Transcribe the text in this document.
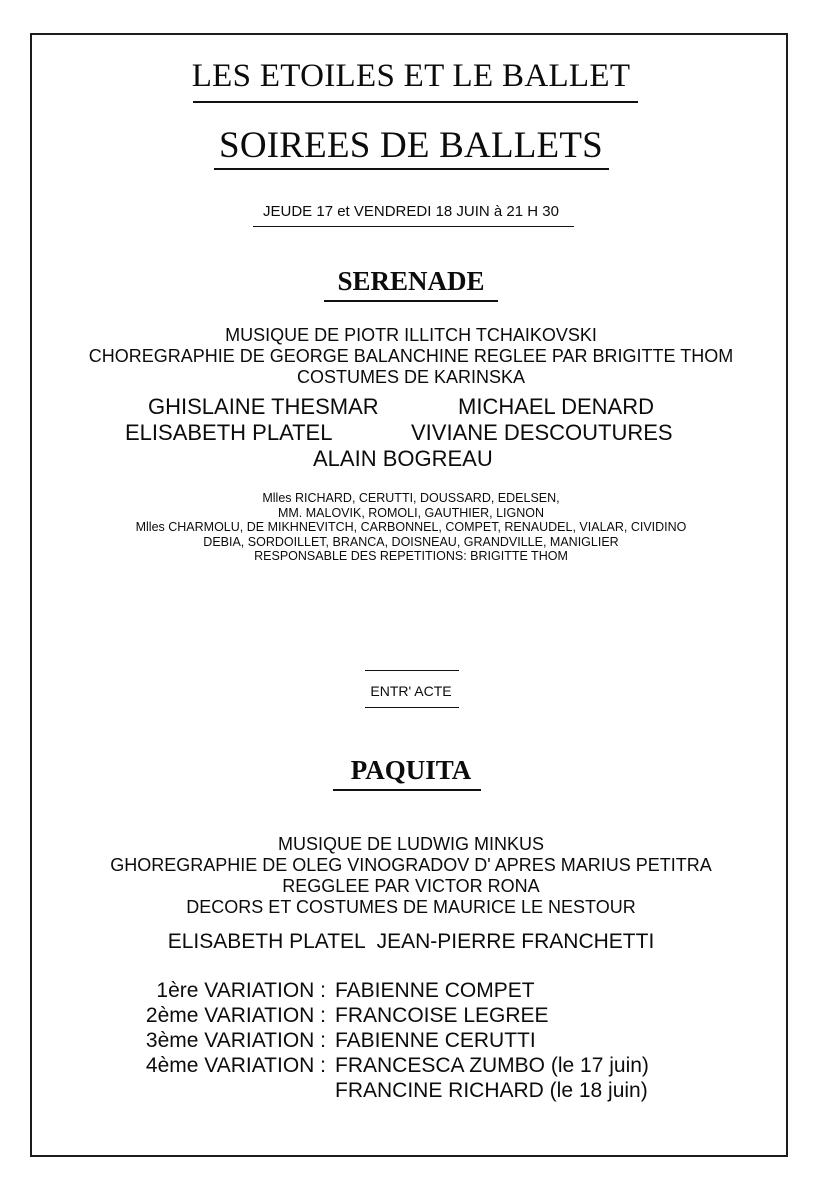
LES ETOILES ET LE BALLET
SOIREES DE BALLETS
JEUDE 17 et VENDREDI 18 JUIN à 21 H 30
SERENADE
MUSIQUE DE PIOTR ILLITCH TCHAIKOVSKI
CHOREGRAPHIE DE GEORGE BALANCHINE REGLEE PAR BRIGITTE THOM
COSTUMES DE KARINSKA
GHISLAINE THESMAR	MICHAEL DENARD
ELISABETH PLATEL	VIVIANE DESCOUTURES
ALAIN BOGREAU
Mlles RICHARD, CERUTTI, DOUSSARD, EDELSEN,
MM. MALOVIK, ROMOLI, GAUTHIER, LIGNON
Mlles CHARMOLU, DE MIKHNEVITCH, CARBONNEL, COMPET, RENAUDEL, VIALAR, CIVIDINO
DEBIA, SORDOILLET, BRANCA, DOISNEAU, GRANDVILLE, MANIGLIER
RESPONSABLE DES REPETITIONS: BRIGITTE THOM
ENTR' ACTE
PAQUITA
MUSIQUE DE LUDWIG MINKUS
GHOREGRAPHIE DE OLEG VINOGRADOV D' APRES MARIUS PETITRA
REGGLEE PAR VICTOR RONA
DECORS ET COSTUMES DE MAURICE LE NESTOUR
ELISABETH PLATEL  JEAN-PIERRE FRANCHETTI
1ère VARIATION : FABIENNE COMPET
2ème VARIATION : FRANCOISE LEGREE
3ème VARIATION : FABIENNE CERUTTI
4ème VARIATION : FRANCESCA ZUMBO (le 17 juin)
FRANCINE RICHARD (le 18 juin)
